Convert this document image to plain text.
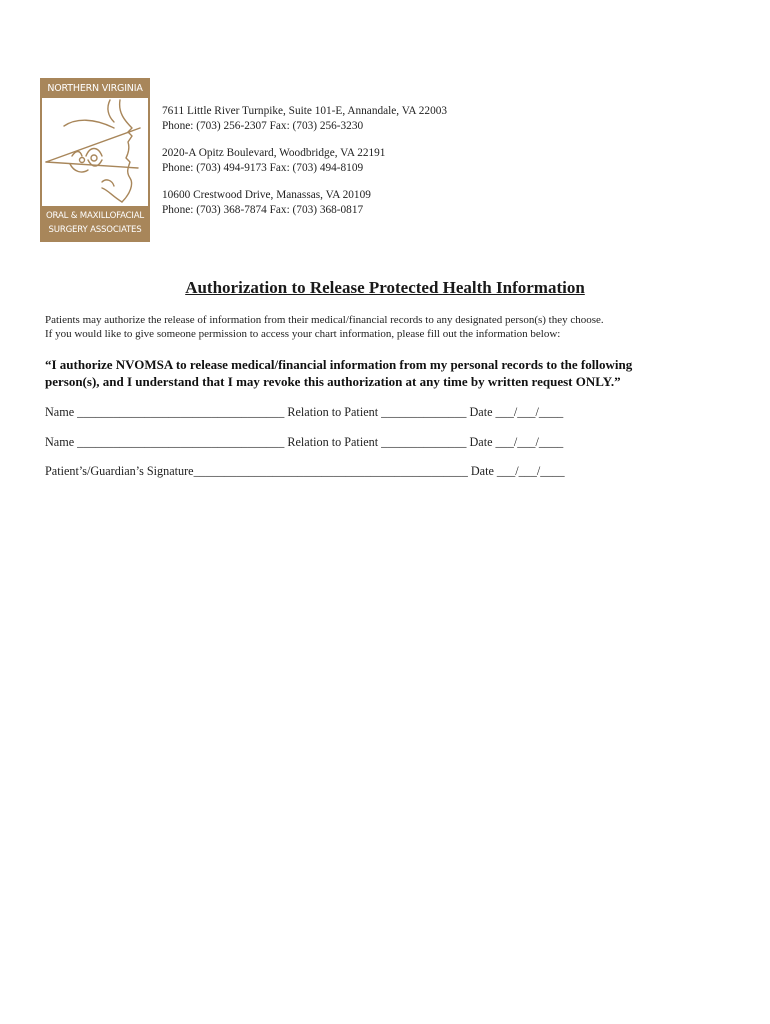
NORTHERN VIRGINIA
ORAL & MAXILLOFACIAL
SURGERY ASSOCIATES
7611 Little River Turnpike, Suite 101-E, Annandale, VA 22003
Phone: (703) 256-2307 Fax: (703) 256-3230
2020-A Opitz Boulevard, Woodbridge, VA 22191
Phone: (703) 494-9173 Fax: (703) 494-8109
10600 Crestwood Drive, Manassas, VA 20109
Phone: (703) 368-7874 Fax: (703) 368-0817
Authorization to Release Protected Health Information
Patients may authorize the release of information from their medical/financial records to any designated person(s) they choose.
If you would like to give someone permission to access your chart information, please fill out the information below:
“I authorize NVOMSA to release medical/financial information from my personal records to the following
person(s), and I understand that I may revoke this authorization at any time by written request ONLY.”
Name __________________________________ Relation to Patient ______________ Date ___/___/____
Name __________________________________ Relation to Patient ______________ Date ___/___/____
Patient’s/Guardian’s Signature_____________________________________________ Date ___/___/____
